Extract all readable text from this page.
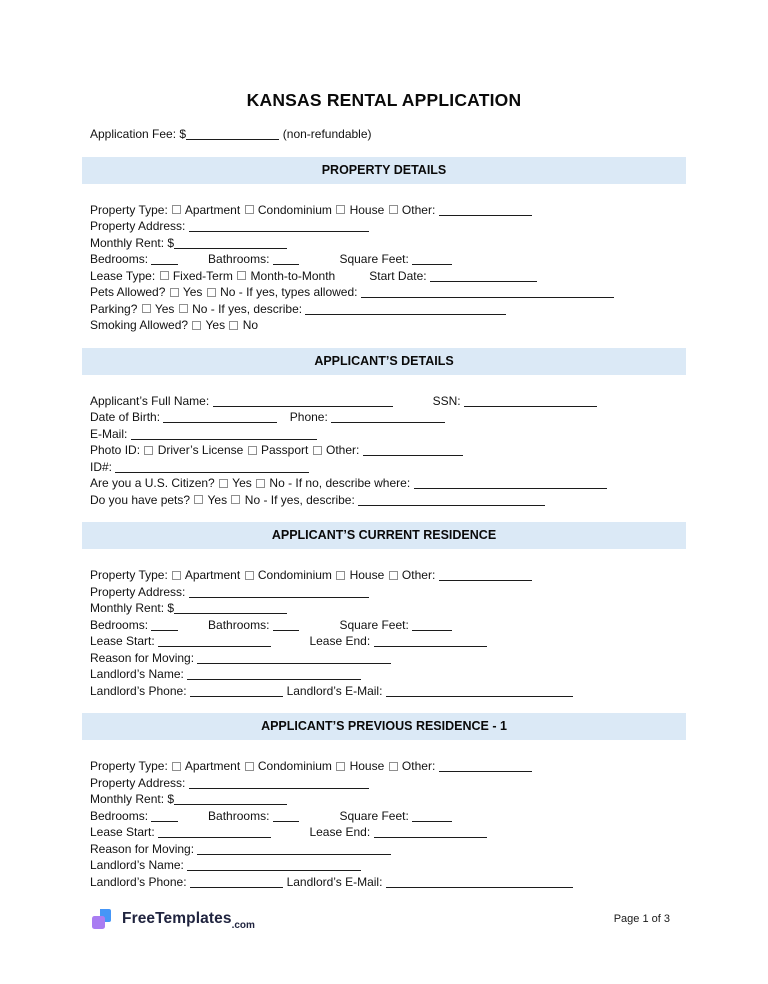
KANSAS RENTAL APPLICATION
Application Fee: $	(non-refundable)
PROPERTY DETAILS
Property Type:  Apartment  Condominium  House  Other:
Property Address:
Monthly Rent: $
Bedrooms:	Bathrooms:	Square Feet:
Lease Type:  Fixed-Term  Month-to-Month	Start Date:
Pets Allowed?  Yes  No - If yes, types allowed:
Parking?  Yes  No - If yes, describe:
Smoking Allowed?  Yes  No
APPLICANT’S DETAILS
Applicant’s Full Name:	SSN:
Date of Birth:	Phone:
E-Mail:
Photo ID:  Driver’s License  Passport  Other:
ID#:
Are you a U.S. Citizen?  Yes  No - If no, describe where:
Do you have pets?  Yes  No - If yes, describe:
APPLICANT’S CURRENT RESIDENCE
Property Type:  Apartment  Condominium  House  Other:
Property Address:
Monthly Rent: $
Bedrooms:	Bathrooms:	Square Feet:
Lease Start:	Lease End:
Reason for Moving:
Landlord’s Name:
Landlord’s Phone:	Landlord’s E-Mail:
APPLICANT’S PREVIOUS RESIDENCE - 1
Property Type:  Apartment  Condominium  House  Other:
Property Address:
Monthly Rent: $
Bedrooms:	Bathrooms:	Square Feet:
Lease Start:	Lease End:
Reason for Moving:
Landlord’s Name:
Landlord’s Phone:	Landlord’s E-Mail:
FreeTemplates .com	Page 1 of 3
